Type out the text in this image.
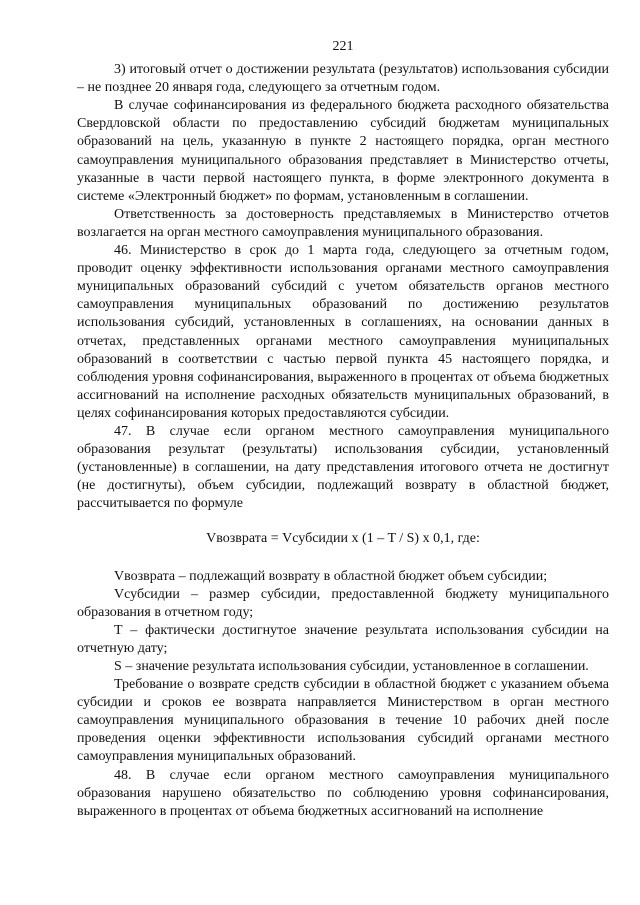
221

3) итоговый отчет о достижении результата (результатов) использования субсидии – не позднее 20 января года, следующего за отчетным годом.

В случае софинансирования из федерального бюджета расходного обязательства Свердловской области по предоставлению субсидий бюджетам муниципальных образований на цель, указанную в пункте 2 настоящего порядка, орган местного самоуправления муниципального образования представляет в Министерство отчеты, указанные в части первой настоящего пункта, в форме электронного документа в системе «Электронный бюджет» по формам, установленным в соглашении.

Ответственность за достоверность представляемых в Министерство отчетов возлагается на орган местного самоуправления муниципального образования.

46. Министерство в срок до 1 марта года, следующего за отчетным годом, проводит оценку эффективности использования органами местного самоуправления муниципальных образований субсидий с учетом обязательств органов местного самоуправления муниципальных образований по достижению результатов использования субсидий, установленных в соглашениях, на основании данных в отчетах, представленных органами местного самоуправления муниципальных образований в соответствии с частью первой пункта 45 настоящего порядка, и соблюдения уровня софинансирования, выраженного в процентах от объема бюджетных ассигнований на исполнение расходных обязательств муниципальных образований, в целях софинансирования которых предоставляются субсидии.

47. В случае если органом местного самоуправления муниципального образования результат (результаты) использования субсидии, установленный (установленные) в соглашении, на дату представления итогового отчета не достигнут (не достигнуты), объем субсидии, подлежащий возврату в областной бюджет, рассчитывается по формуле

Vвозврата = Vсубсидии x (1 – T / S) x 0,1, где:

Vвозврата – подлежащий возврату в областной бюджет объем субсидии;

Vсубсидии – размер субсидии, предоставленной бюджету муниципального образования в отчетном году;

T – фактически достигнутое значение результата использования субсидии на отчетную дату;

S – значение результата использования субсидии, установленное в соглашении.

Требование о возврате средств субсидии в областной бюджет с указанием объема субсидии и сроков ее возврата направляется Министерством в орган местного самоуправления муниципального образования в течение 10 рабочих дней после проведения оценки эффективности использования субсидий органами местного самоуправления муниципальных образований.

48. В случае если органом местного самоуправления муниципального образования нарушено обязательство по соблюдению уровня софинансирования, выраженного в процентах от объема бюджетных ассигнований на исполнение
